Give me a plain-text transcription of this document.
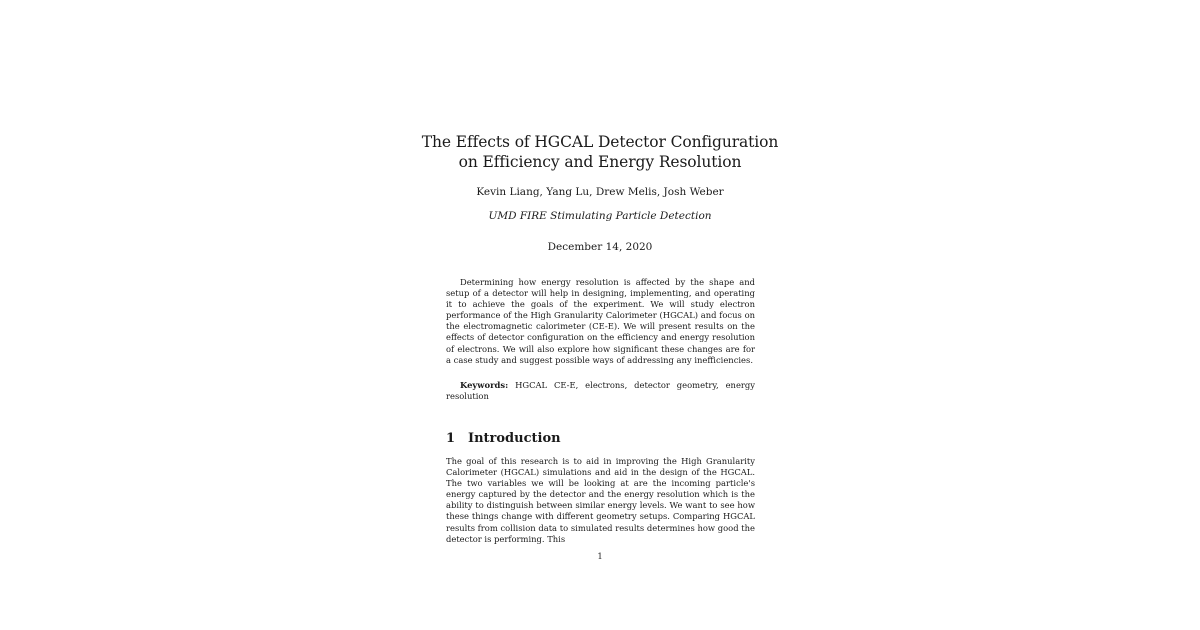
The Effects of HGCAL Detector Configuration
on Efficiency and Energy Resolution
Kevin Liang, Yang Lu, Drew Melis, Josh Weber
UMD FIRE Stimulating Particle Detection
December 14, 2020
Determining how energy resolution is affected by the shape and setup of a detector will help in designing, implementing, and operating it to achieve the goals of the experiment. We will study electron performance of the High Granularity Calorimeter (HGCAL) and focus on the electromagnetic calorimeter (CE-E). We will present results on the effects of detector configuration on the efficiency and energy resolution of electrons. We will also explore how significant these changes are for a case study and suggest possible ways of addressing any inefficiencies.
Keywords: HGCAL CE-E, electrons, detector geometry, energy resolution
1 Introduction
The goal of this research is to aid in improving the High Granularity Calorimeter (HGCAL) simulations and aid in the design of the HGCAL. The two variables we will be looking at are the incoming particle's energy captured by the detector and the energy resolution which is the ability to distinguish between similar energy levels. We want to see how these things change with different geometry setups. Comparing HGCAL results from collision data to simulated results determines how good the detector is performing. This
1
